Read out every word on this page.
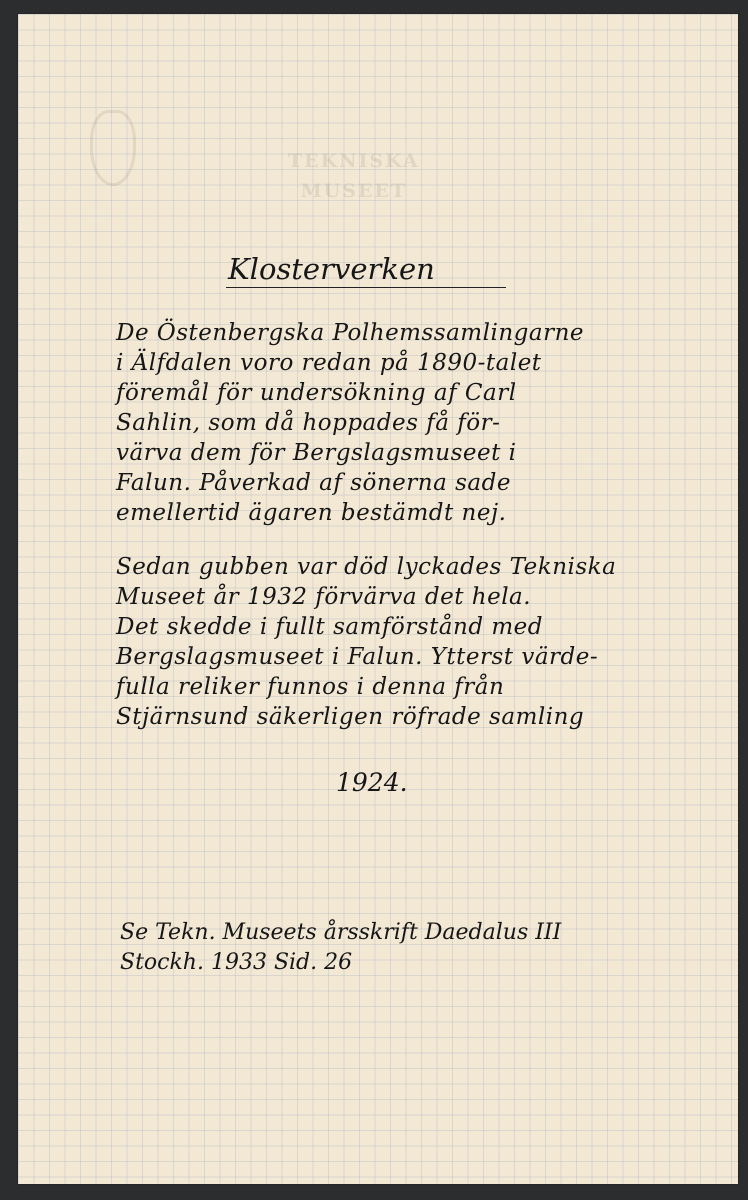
TEKNISKA
MUSEET
Klosterverken
De Östenbergska Polhemssamlingarne
i Älfdalen voro redan på 1890-talet
föremål för undersökning af Carl
Sahlin, som då hoppades få för-
värva dem för Bergslagsmuseet i
Falun. Påverkad af sönerna sade
emellertid ägaren bestämdt nej.
Sedan gubben var död lyckades Tekniska
Museet år 1932 förvärva det hela.
Det skedde i fullt samförstånd med
Bergslagsmuseet i Falun. Ytterst värde-
fulla reliker funnos i denna från
Stjärnsund säkerligen röfrade samling
1924.
Se Tekn. Museets årsskrift Daedalus III
Stockh. 1933 Sid. 26
